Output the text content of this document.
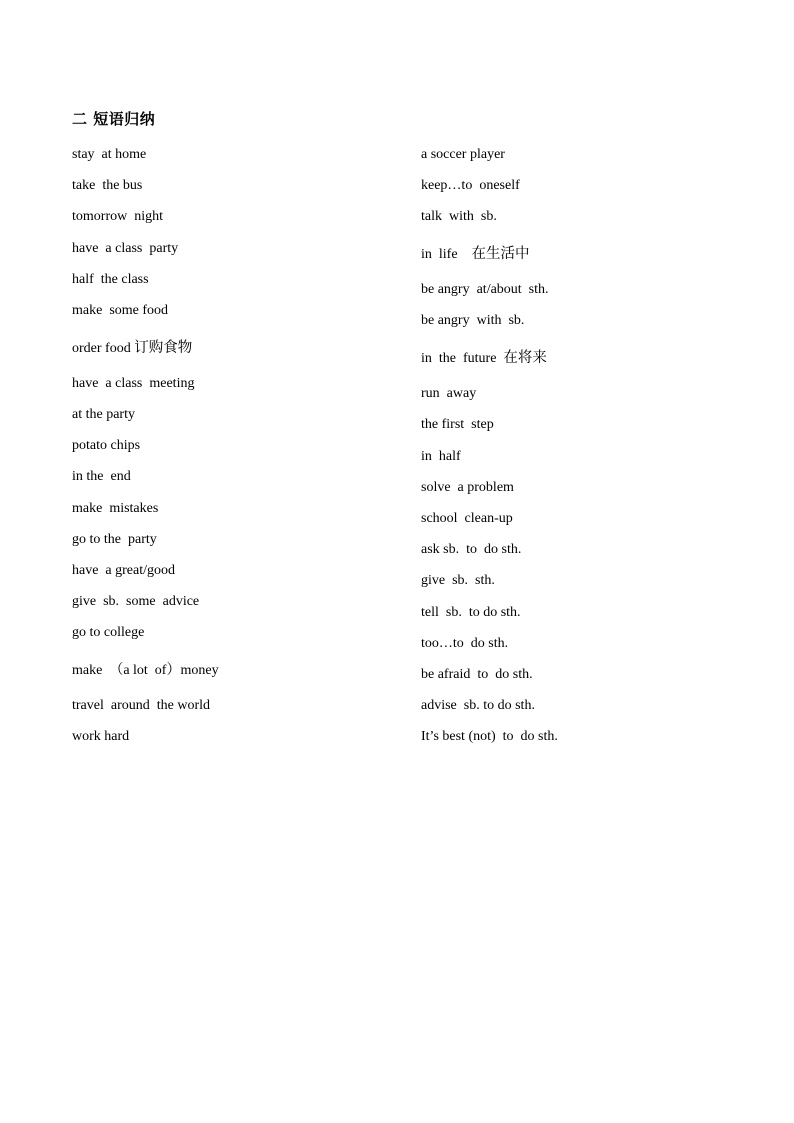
二 短语归纳
stay  at home
take  the bus
tomorrow  night
have  a class  party
half  the class
make  some food
order food 订购食物
have  a class  meeting
at the party
potato chips
in the  end
make  mistakes
go to the  party
have  a great/good
give  sb.  some  advice
go to college
make  （a lot  of）money
travel  around  the world
work hard
a soccer player
keep…to  oneself
talk  with  sb.
in  life    在生活中
be angry  at/about  sth.
be angry  with  sb.
in  the  future  在将来
run  away
the first  step
in  half
solve  a problem
school  clean-up
ask sb.  to  do sth.
give  sb.  sth.
tell  sb.  to do sth.
too…to  do sth.
be afraid  to  do sth.
advise  sb. to do sth.
It’s best (not)  to  do sth.
